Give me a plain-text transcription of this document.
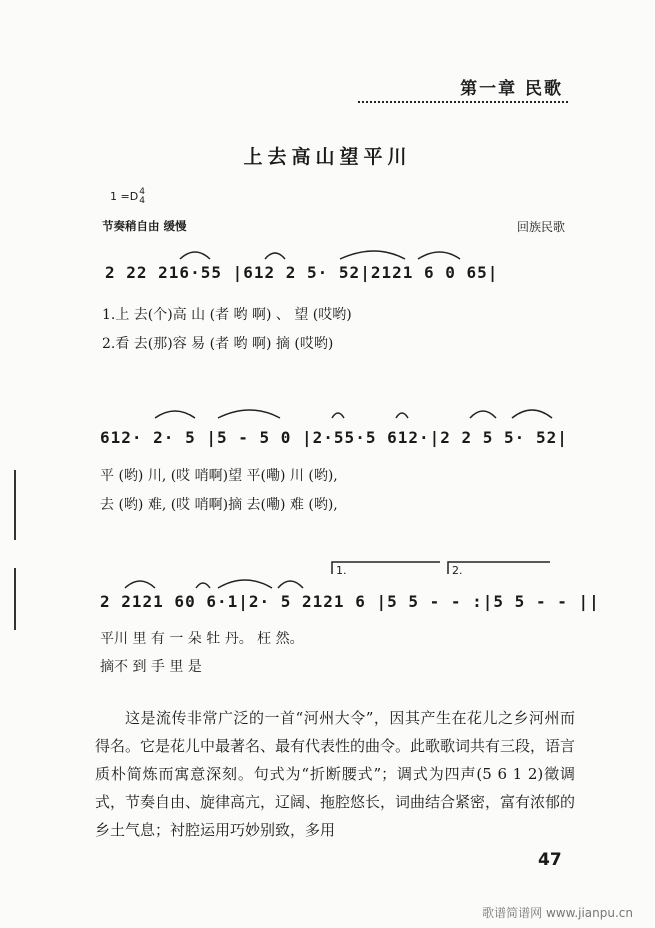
第一章 民歌
上去高山望平川
1 =D4
4
节奏稍自由 缓慢	回族民歌
2 22 216·55 |612 2 5· 52|2121 6 0 65|
1.上 去(个)高 山 (者 哟 啊) 、 望 (哎哟)
2.看 去(那)容 易 (者 哟 啊) 摘 (哎哟)
612· 2· 5 |5 - 5 0 |2·55·5 612·|2 2 5 5· 52|
平 (哟) 川, (哎 哨啊)望 平(嘞) 川 (哟),
去 (哟) 难, (哎 哨啊)摘 去(嘞) 难 (哟),
1.	2.
2 2121 60 6·1|2· 5 2121 6 |5 5 - - :|5 5 - - ||
平川 里 有 一 朵 牡 丹。 枉 然。
摘不 到 手 里 是
这是流传非常广泛的一首“河州大令”，因其产生在花儿之乡河州而得名。它是花儿中最著名、最有代表性的曲令。此歌歌词共有三段，语言质朴简炼而寓意深刻。句式为“折断腰式”；调式为四声(5 6 1 2)徵调式，节奏自由、旋律高亢，辽阔、拖腔悠长，词曲结合紧密，富有浓郁的乡土气息；衬腔运用巧妙别致，多用
47
歌谱简谱网 www.jianpu.cn
